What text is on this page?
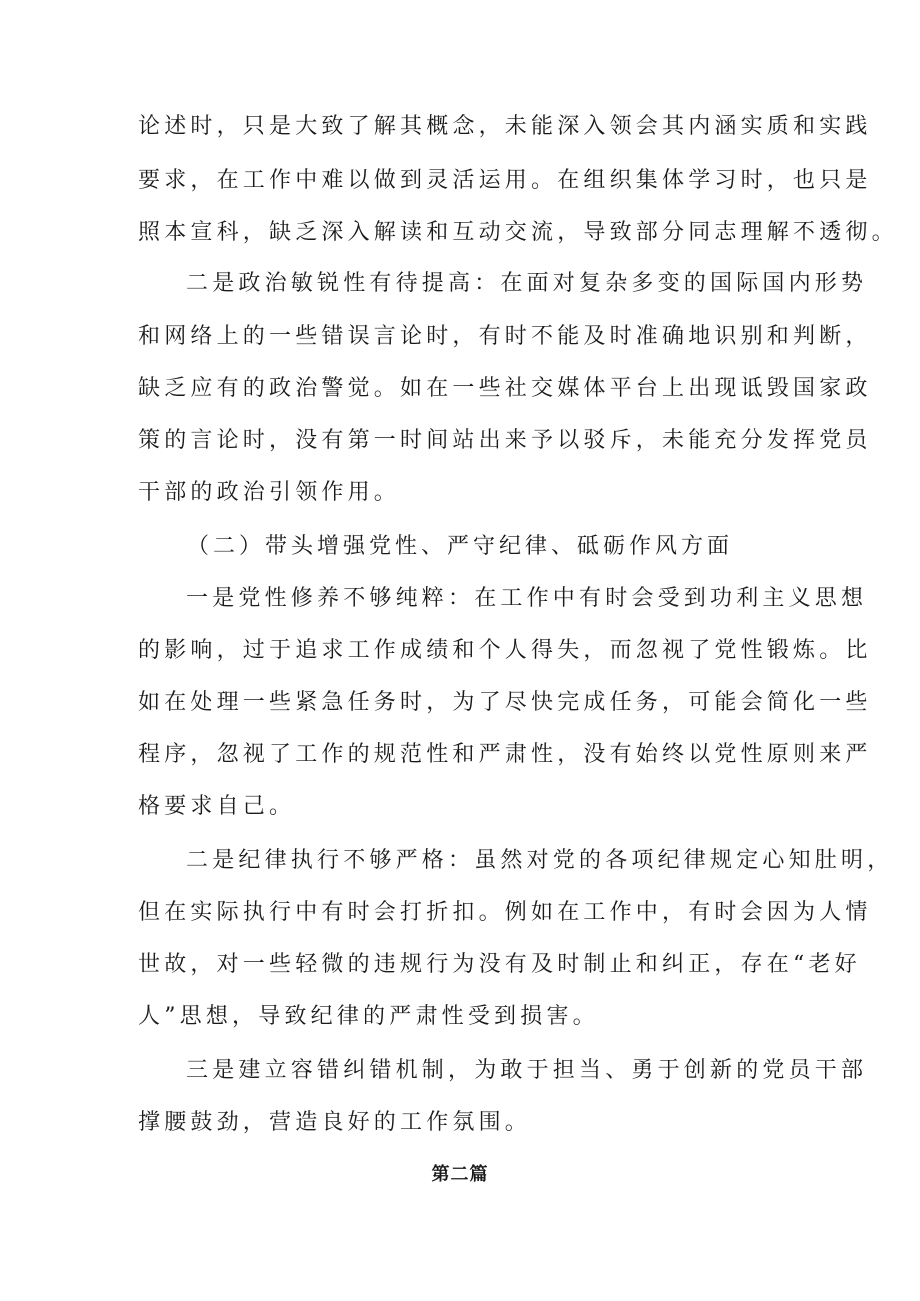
论述时，只是大致了解其概念，未能深入领会其内涵实质和实践
要求，在工作中难以做到灵活运用。在组织集体学习时，也只是
照本宣科，缺乏深入解读和互动交流，导致部分同志理解不透彻。
二是政治敏锐性有待提高：在面对复杂多变的国际国内形势
和网络上的一些错误言论时，有时不能及时准确地识别和判断，
缺乏应有的政治警觉。如在一些社交媒体平台上出现诋毁国家政
策的言论时，没有第一时间站出来予以驳斥，未能充分发挥党员
干部的政治引领作用。
（二）带头增强党性、严守纪律、砥砺作风方面
一是党性修养不够纯粹：在工作中有时会受到功利主义思想
的影响，过于追求工作成绩和个人得失，而忽视了党性锻炼。比
如在处理一些紧急任务时，为了尽快完成任务，可能会简化一些
程序，忽视了工作的规范性和严肃性，没有始终以党性原则来严
格要求自己。
二是纪律执行不够严格：虽然对党的各项纪律规定心知肚明，
但在实际执行中有时会打折扣。例如在工作中，有时会因为人情
世故，对一些轻微的违规行为没有及时制止和纠正，存在“老好
人”思想，导致纪律的严肃性受到损害。
三是建立容错纠错机制，为敢于担当、勇于创新的党员干部
撑腰鼓劲，营造良好的工作氛围。
第二篇
